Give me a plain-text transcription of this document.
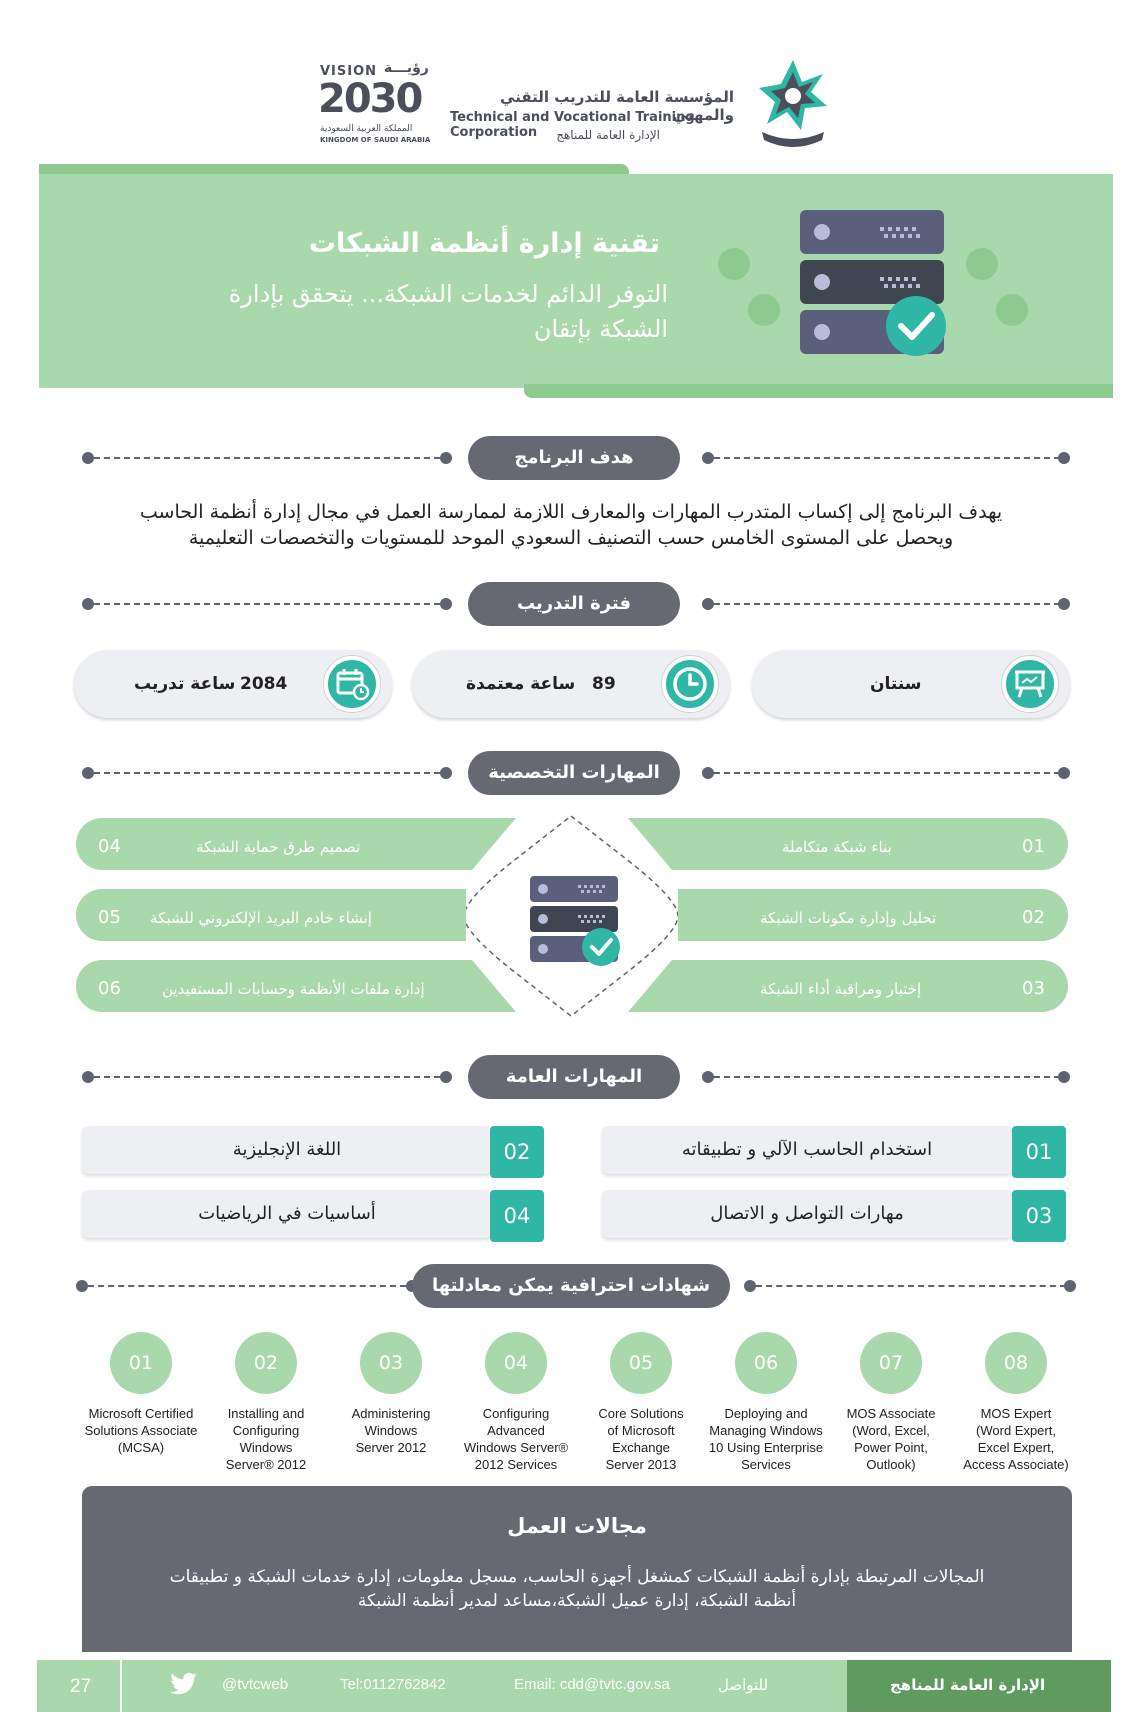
المؤسسة العامة للتدريب التقني والمهني
Technical and Vocational Training Corporation	الإدارة العامة للمناهج
VISION رؤيـــة
2030
المملكة العربية السعودية
KINGDOM OF SAUDI ARABIA
تقنية إدارة أنظمة الشبكات
التوفر الدائم لخدمات الشبكة... يتحقق بإدارة
الشبكة بإتقان
هدف البرنامج
يهدف البرنامج إلى إكساب المتدرب المهارات والمعارف اللازمة لممارسة العمل في مجال إدارة أنظمة الحاسب
ويحصل على المستوى الخامس حسب التصنيف السعودي الموحد للمستويات والتخصصات التعليمية
فترة التدريب
2084
ساعة تدريب	89
ساعة معتمدة	سنتان
المهارات التخصصية
04	تصميم طرق حماية الشبكة
05 إنشاء خادم البريد الإلكتروني للشبكة
06	إدارة ملفات الأنظمة وحسابات المستفيدين
01
بناء شبكة متكاملة
02
تحليل وإدارة مكونات الشبكة
03
إختبار ومراقبة أداء الشبكة
المهارات العامة
استخدام الحاسب الآلي و تطبيقاته	01
مهارات التواصل و الاتصال	03
اللغة الإنجليزية	02
أساسيات في الرياضيات	04
شهادات احترافية يمكن معادلتها
01
Microsoft Certified
Solutions Associate
(MCSA)
02
Installing and
Configuring
Windows
Server® 2012
03
Administering
Windows
Server 2012
04
Configuring
Advanced
Windows Server®
2012 Services
05
Core Solutions
of Microsoft
Exchange
Server 2013
06
Deploying and
Managing Windows
10 Using Enterprise
Services
07
MOS Associate
(Word, Excel,
Power Point,
Outlook)
08
MOS Expert
(Word Expert,
Excel Expert,
Access Associate)
مجالات العمل
المجالات المرتبطة بإدارة أنظمة الشبكات كمشغل أجهزة الحاسب، مسجل معلومات، إدارة خدمات الشبكة و تطبيقات
أنظمة الشبكة، إدارة عميل الشبكة،مساعد لمدير أنظمة الشبكة
27	@tvtcweb	Tel:0112762842	Email: cdd@tvtc.gov.sa	للتواصل	الإدارة العامة للمناهج
